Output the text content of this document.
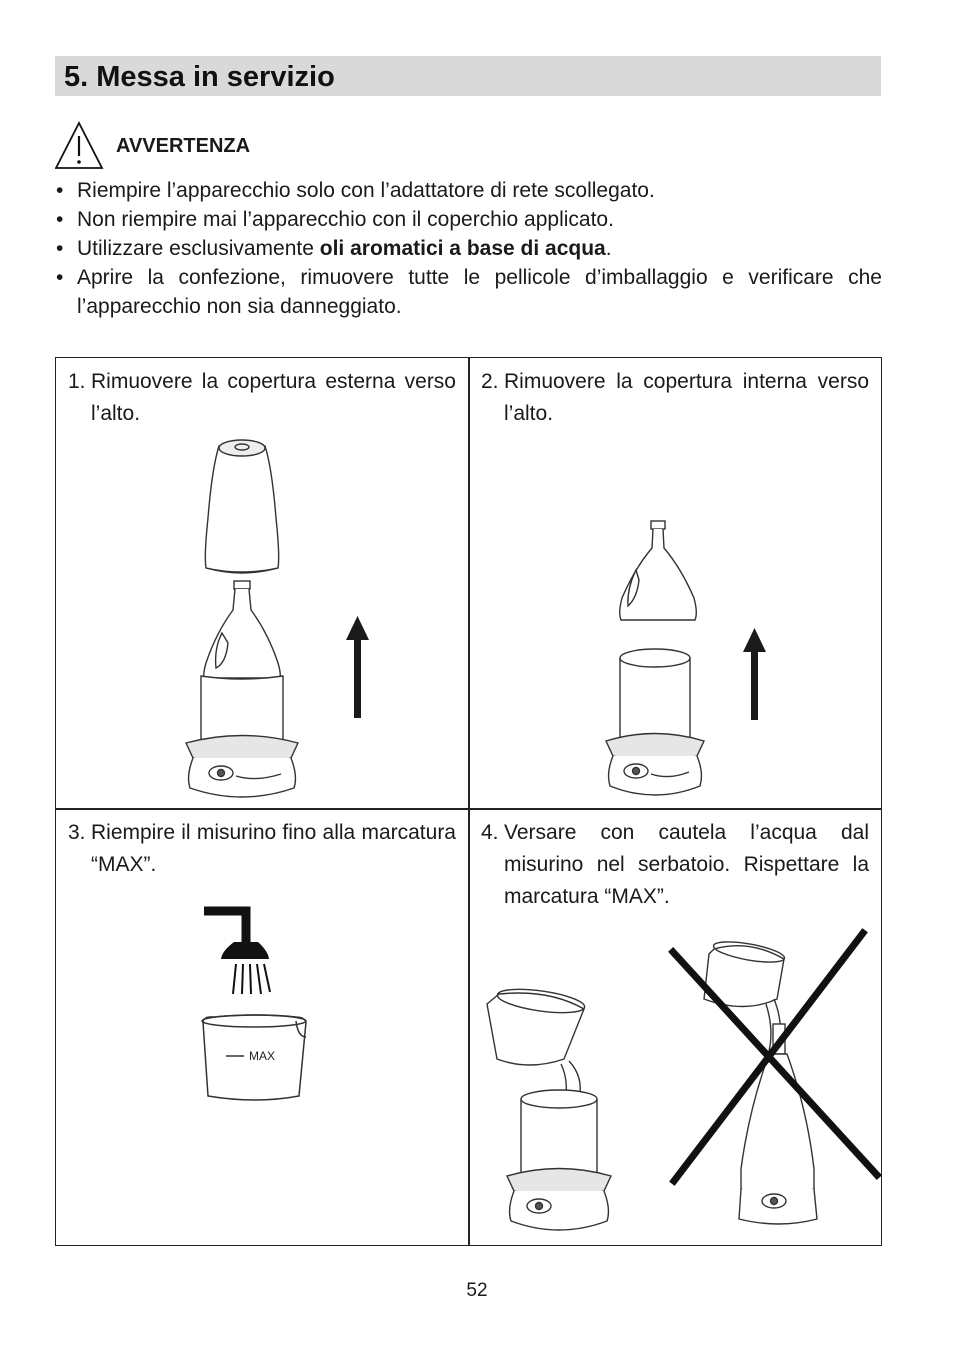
5. Messa in servizio
AVVERTENZA
• Riempire l’apparecchio solo con l’adattatore di rete scollegato.
• Non riempire mai l’apparecchio con il coperchio applicato.
• Utilizzare esclusivamente oli aromatici a base di acqua.
• Aprire la confezione, rimuovere tutte le pellicole d’imballaggio e verificare che l’apparecchio non sia danneggiato.
1. Rimuovere la copertura esterna verso l’alto.
2. Rimuovere la copertura interna verso l’alto.
3. Riempire il misurino fino alla marcatura “MAX”.
MAX
4. Versare con cautela l’acqua dal misurino nel serbatoio. Rispettare la marcatura “MAX”.
52
